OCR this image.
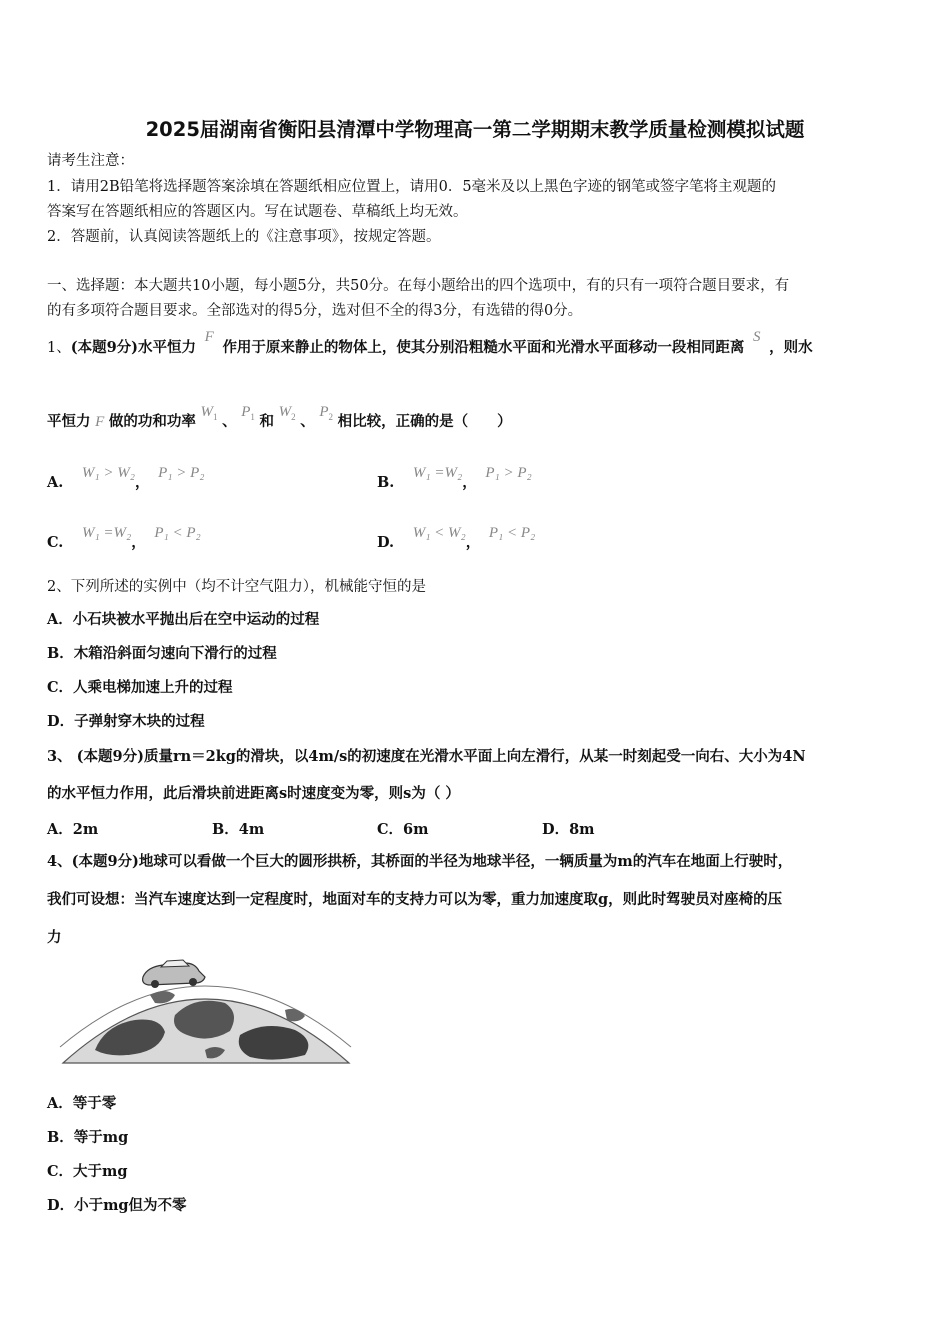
2025届湖南省衡阳县清潭中学物理高一第二学期期末教学质量检测模拟试题
请考生注意：
1．请用2B铅笔将选择题答案涂填在答题纸相应位置上，请用0．5毫米及以上黑色字迹的钢笔或签字笔将主观题的
答案写在答题纸相应的答题区内。写在试题卷、草稿纸上均无效。
2．答题前，认真阅读答题纸上的《注意事项》，按规定答题。
一、选择题：本大题共10小题，每小题5分，共50分。在每小题给出的四个选项中，有的只有一项符合题目要求，有
的有多项符合题目要求。全部选对的得5分，选对但不全的得3分，有选错的得0分。
1、(本题9分)水平恒力 F 作用于原来静止的物体上，使其分别沿粗糙水平面和光滑水平面移动一段相同距离 S ，则水
平恒力 F 做的功和功率 $W_1$ 、 $P_1$ 和 $W_2$ 、 $P_2$ 相比较，正确的是（　　）
A. W₁ > W₂， P₁ > P₂
B. W₁ =W₂， P₁ > P₂
C. W₁ =W₂， P₁ < P₂
D. W₁ < W₂， P₁ < P₂
2、下列所述的实例中（均不计空气阻力），机械能守恒的是
A．小石块被水平抛出后在空中运动的过程
B．木箱沿斜面匀速向下滑行的过程
C．人乘电梯加速上升的过程
D．子弹射穿木块的过程
3、 (本题9分)质量rn＝2kg的滑块，以4m/s的初速度在光滑水平面上向左滑行，从某一时刻起受一向右、大小为4N
的水平恒力作用，此后滑块前进距离s时速度变为零，则s为（ ）
A．2m	B．4m	C．6m	D．8m
4、(本题9分)地球可以看做一个巨大的圆形拱桥，其桥面的半径为地球半径，一辆质量为m的汽车在地面上行驶时，
我们可设想：当汽车速度达到一定程度时，地面对车的支持力可以为零，重力加速度取g，则此时驾驶员对座椅的压
力
A．等于零
B．等于mg
C．大于mg
D．小于mg但为不零
